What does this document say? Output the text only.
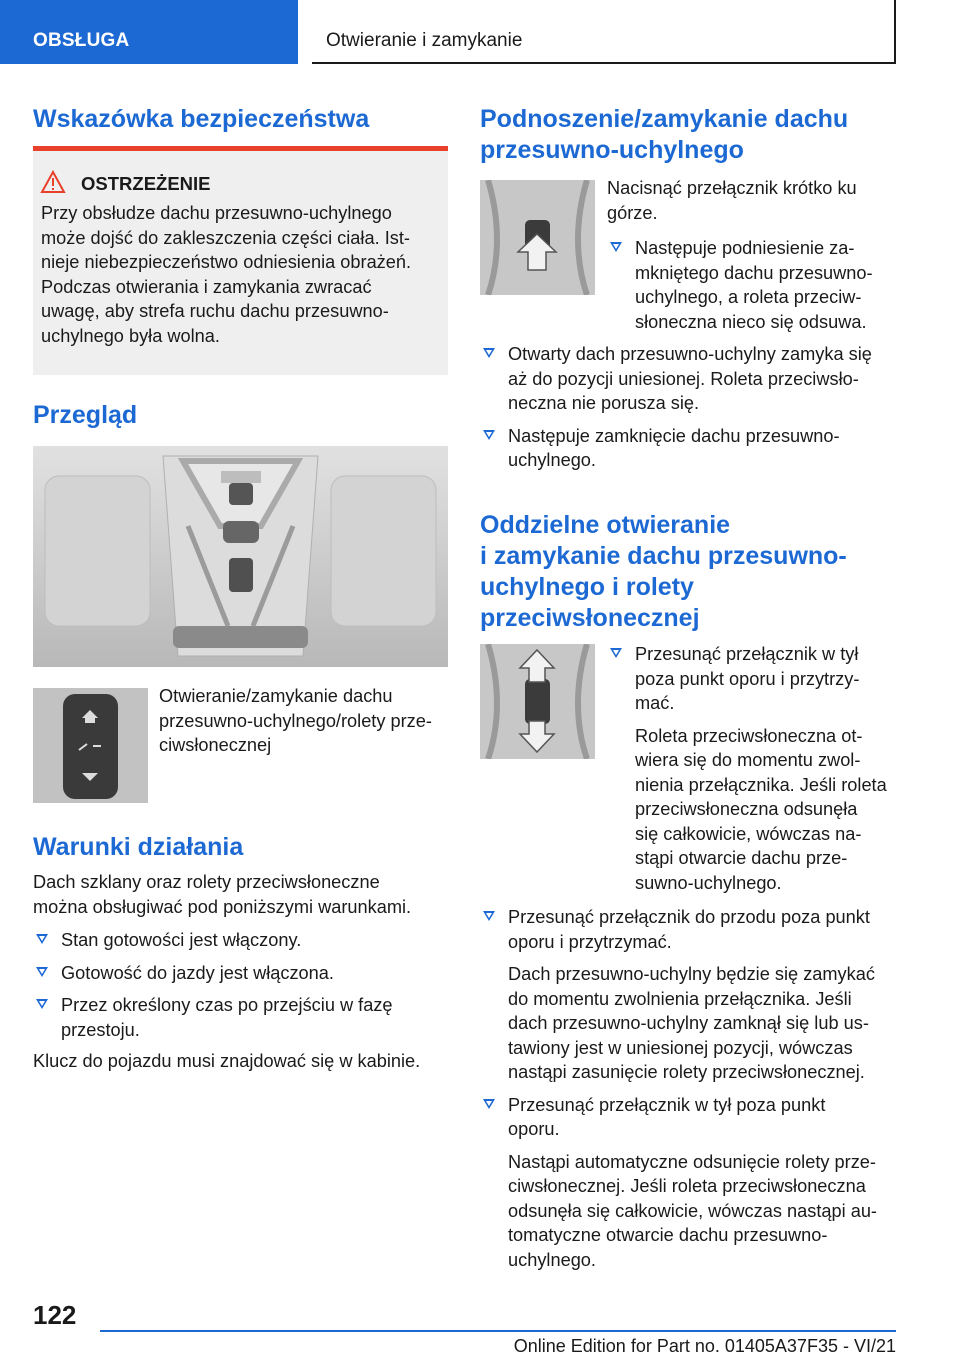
OBSŁUGA	Otwieranie i zamykanie
Wskazówka bezpieczeństwa
OSTRZEŻENIE
Przy obsłudze dachu przesuwno-uchylnego
może dojść do zakleszczenia części ciała. Ist-
nieje niebezpieczeństwo odniesienia obrażeń.
Podczas otwierania i zamykania zwracać
uwagę, aby strefa ruchu dachu przesuwno-
uchylnego była wolna.
Przegląd
Otwieranie/zamykanie dachu
przesuwno-uchylnego/rolety prze-
ciwsłonecznej
Warunki działania
Dach szklany oraz rolety przeciwsłoneczne
można obsługiwać pod poniższymi warunkami.
Stan gotowości jest włączony.
Gotowość do jazdy jest włączona.
Przez określony czas po przejściu w fazę
przestoju.
Klucz do pojazdu musi znajdować się w kabinie.
Podnoszenie/zamykanie dachu
przesuwno-uchylnego
Nacisnąć przełącznik krótko ku
górze.
Następuje podniesienie za-
mkniętego dachu przesuwno-
uchylnego, a roleta przeciw-
słoneczna nieco się odsuwa.
Otwarty dach przesuwno-uchylny zamyka się
aż do pozycji uniesionej. Roleta przeciwsło-
neczna nie porusza się.
Następuje zamknięcie dachu przesuwno-
uchylnego.
Oddzielne otwieranie
i zamykanie dachu przesuwno-
uchylnego i rolety
przeciwsłonecznej
Przesunąć przełącznik w tył
poza punkt oporu i przytrzy-
mać.
Roleta przeciwsłoneczna ot-
wiera się do momentu zwol-
nienia przełącznika. Jeśli roleta
przeciwsłoneczna odsunęła
się całkowicie, wówczas na-
stąpi otwarcie dachu prze-
suwno-uchylnego.
Przesunąć przełącznik do przodu poza punkt
oporu i przytrzymać.
Dach przesuwno-uchylny będzie się zamykać
do momentu zwolnienia przełącznika. Jeśli
dach przesuwno-uchylny zamknął się lub us-
tawiony jest w uniesionej pozycji, wówczas
nastąpi zasunięcie rolety przeciwsłonecznej.
Przesunąć przełącznik w tył poza punkt
oporu.
Nastąpi automatyczne odsunięcie rolety prze-
ciwsłonecznej. Jeśli roleta przeciwsłoneczna
odsunęła się całkowicie, wówczas nastąpi au-
tomatyczne otwarcie dachu przesuwno-
uchylnego.
122
Online Edition for Part no. 01405A37F35 - VI/21
